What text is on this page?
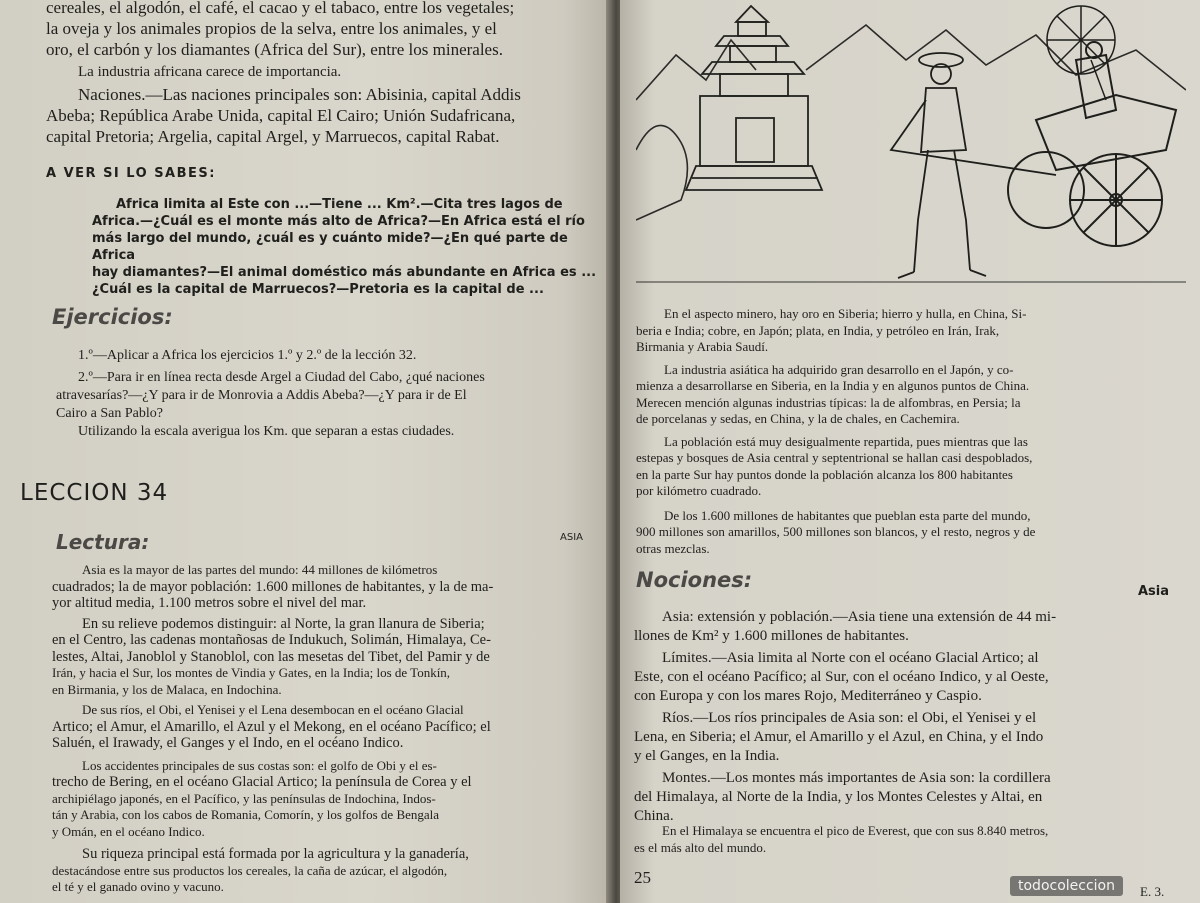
cereales, el algodón, el café, el cacao y el tabaco, entre los vegetales;
la oveja y los animales propios de la selva, entre los animales, y el
oro, el carbón y los diamantes (Africa del Sur), entre los minerales.
La industria africana carece de importancia.
Naciones.—Las naciones principales son: Abisinia, capital Addis
Abeba; República Arabe Unida, capital El Cairo; Unión Sudafricana,
capital Pretoria; Argelia, capital Argel, y Marruecos, capital Rabat.
A VER SI LO SABES:
Africa limita al Este con ...—Tiene ... Km².—Cita tres lagos de
Africa.—¿Cuál es el monte más alto de Africa?—En Africa está el río
más largo del mundo, ¿cuál es y cuánto mide?—¿En qué parte de Africa
hay diamantes?—El animal doméstico más abundante en Africa es ...
¿Cuál es la capital de Marruecos?—Pretoria es la capital de ...
Ejercicios:
1.º—Aplicar a Africa los ejercicios 1.º y 2.º de la lección 32.
2.º—Para ir en línea recta desde Argel a Ciudad del Cabo, ¿qué naciones
atravesarías?—¿Y para ir de Monrovia a Addis Abeba?—¿Y para ir de El
Cairo a San Pablo?
Utilizando la escala averigua los Km. que separan a estas ciudades.
LECCION 34
Lectura:	ASIA
Asia es la mayor de las partes del mundo: 44 millones de kilómetros
cuadrados; la de mayor población: 1.600 millones de habitantes, y la de ma-
yor altitud media, 1.100 metros sobre el nivel del mar.
En su relieve podemos distinguir: al Norte, la gran llanura de Siberia;
en el Centro, las cadenas montañosas de Indukuch, Solimán, Himalaya, Ce-
lestes, Altai, Janoblol y Stanoblol, con las mesetas del Tibet, del Pamir y de
Irán, y hacia el Sur, los montes de Vindia y Gates, en la India; los de Tonkín,
en Birmania, y los de Malaca, en Indochina.
De sus ríos, el Obi, el Yenisei y el Lena desembocan en el océano Glacial
Artico; el Amur, el Amarillo, el Azul y el Mekong, en el océano Pacífico; el
Saluén, el Irawady, el Ganges y el Indo, en el océano Indico.
Los accidentes principales de sus costas son: el golfo de Obi y el es-
trecho de Bering, en el océano Glacial Artico; la península de Corea y el
archipiélago japonés, en el Pacífico, y las penínsulas de Indochina, Indos-
tán y Arabia, con los cabos de Romania, Comorín, y los golfos de Bengala
y Omán, en el océano Indico.
Su riqueza principal está formada por la agricultura y la ganadería,
destacándose entre sus productos los cereales, la caña de azúcar, el algodón,
el té y el ganado ovino y vacuno.
En el aspecto minero, hay oro en Siberia; hierro y hulla, en China, Si-
beria e India; cobre, en Japón; plata, en India, y petróleo en Irán, Irak,
Birmania y Arabia Saudí.
La industria asiática ha adquirido gran desarrollo en el Japón, y co-
mienza a desarrollarse en Siberia, en la India y en algunos puntos de China.
Merecen mención algunas industrias típicas: la de alfombras, en Persia; la
de porcelanas y sedas, en China, y la de chales, en Cachemira.
La población está muy desigualmente repartida, pues mientras que las
estepas y bosques de Asia central y septentrional se hallan casi despoblados,
en la parte Sur hay puntos donde la población alcanza los 800 habitantes
por kilómetro cuadrado.
De los 1.600 millones de habitantes que pueblan esta parte del mundo,
900 millones son amarillos, 500 millones son blancos, y el resto, negros y de
otras mezclas.
Nociones:	Asia
Asia: extensión y población.—Asia tiene una extensión de 44 mi-
llones de Km² y 1.600 millones de habitantes.
Límites.—Asia limita al Norte con el océano Glacial Artico; al
Este, con el océano Pacífico; al Sur, con el océano Indico, y al Oeste,
con Europa y con los mares Rojo, Mediterráneo y Caspio.
Ríos.—Los ríos principales de Asia son: el Obi, el Yenisei y el
Lena, en Siberia; el Amur, el Amarillo y el Azul, en China, y el Indo
y el Ganges, en la India.
Montes.—Los montes más importantes de Asia son: la cordillera
del Himalaya, al Norte de la India, y los Montes Celestes y Altai, en
China.
En el Himalaya se encuentra el pico de Everest, que con sus 8.840 metros,
es el más alto del mundo.
25
E. 3.
todocoleccion
